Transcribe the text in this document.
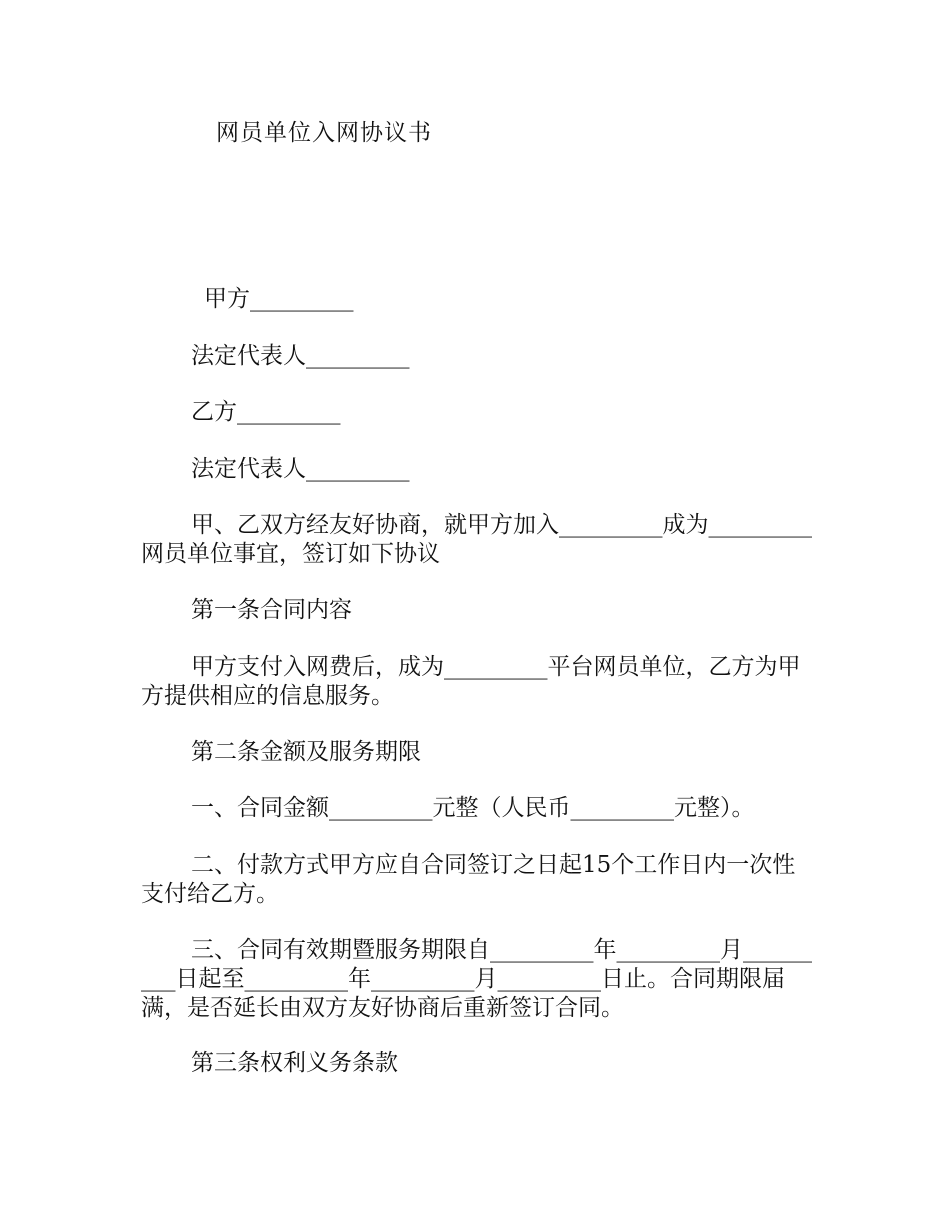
网员单位入网协议书
甲方_________
法定代表人_________
乙方_________
法定代表人_________
甲、乙双方经友好协商，就甲方加入_________成为_________网员单位事宜，签订如下协议
第一条合同内容
甲方支付入网费后，成为_________平台网员单位，乙方为甲方提供相应的信息服务。
第二条金额及服务期限
一、合同金额_________元整（人民币_________元整）。
二、付款方式甲方应自合同签订之日起15个工作日内一次性支付给乙方。
三、合同有效期暨服务期限自_________年_________月_________日起至_________年_________月_________日止。合同期限届满，是否延长由双方友好协商后重新签订合同。
第三条权利义务条款
